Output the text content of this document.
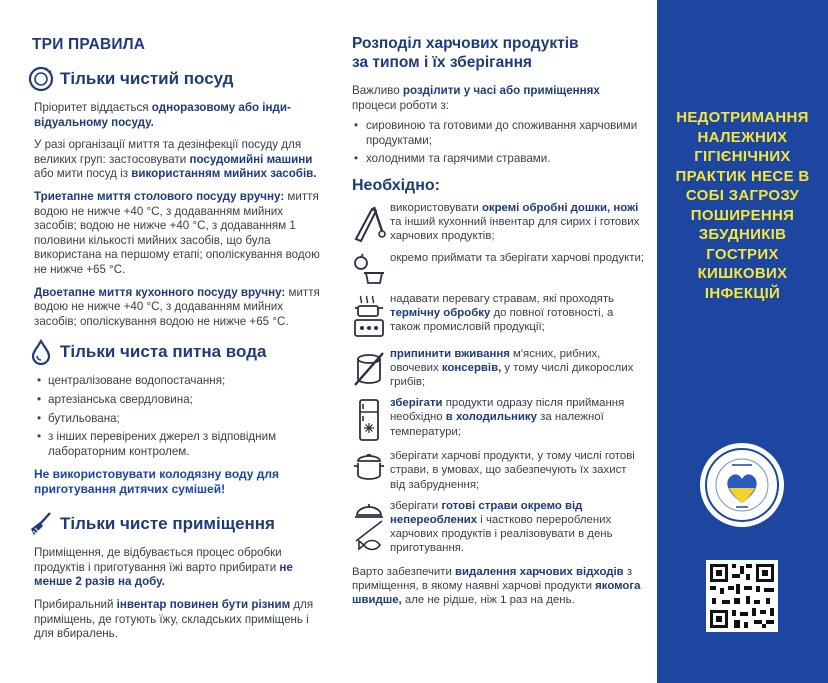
ТРИ ПРАВИЛА
Тільки чистий посуд
Пріоритет віддається одноразовому або інди- відуальному посуду.
У разі організації миття та дезінфекції посуду для великих груп: застосовувати посудомийні машини або мити посуд із використанням мийних засобів.
Триетапне миття столового посуду вручну: миття водою не нижче +40 °С, з додаванням мийних засобів; водою не нижче +40 °С, з додаванням 1 половини кількості мийних засобів, що була використана на першому етапі; ополіскування водою не нижче +65 °С.
Двоетапне миття кухонного посуду вручну: миття водою не нижче +40 °С, з додаванням мийних засобів; ополіскування водою не нижче +65 °С.
Тільки чиста питна вода
• централізоване водопостачання;
• артезіанська свердловина;
• бутильована;
• з інших перевірених джерел з відповідним лабораторним контролем.
Не використовувати колодязну воду для приготування дитячих сумішей!
Тільки чисте приміщення
Приміщення, де відбувається процес обробки продуктів і приготування їжі варто прибирати не менше 2 разів на добу.
Прибиральний інвентар повинен бути різним для приміщень, де готують їжу, складських приміщень і для вбиралень.
Розподіл харчових продуктів
за типом і їх зберігання
Важливо розділити у часі або приміщеннях процеси роботи з:
• сировиною та готовими до споживання харчовими продуктами;
• холодними та гарячими стравами.
Необхідно:
використовувати окремі обробні дошки, ножі та інший кухонний інвентар для сирих і готових харчових продуктів;
окремо приймати та зберігати харчові продукти;
надавати перевагу стравам, які проходять термічну обробку до повної готовності, а також промисловій продукції;
припинити вживання м'ясних, рибних, овочевих консервів, у тому числі дикорослих грибів;
зберігати продукти одразу після приймання необхідно в холодильнику за належної температури;
зберігати харчові продукти, у тому числі готові страви, в умовах, що забезпечують їх захист від забруднення;
зберігати готові страви окремо від непереоблених і частково перероблених харчових продуктів і реалізовувати в день приготування.
Варто забезпечити видалення харчових відходів з приміщення, в якому наявні харчові продукти якомога швидше, але не рідше, ніж 1 раз на день.
НЕДОТРИМАННЯ НАЛЕЖНИХ ГІГІЄНІЧНИХ ПРАКТИК НЕСЕ В СОБІ ЗАГРОЗУ ПОШИРЕННЯ ЗБУДНИКІВ ГОСТРИХ КИШКОВИХ ІНФЕКЦІЙ
